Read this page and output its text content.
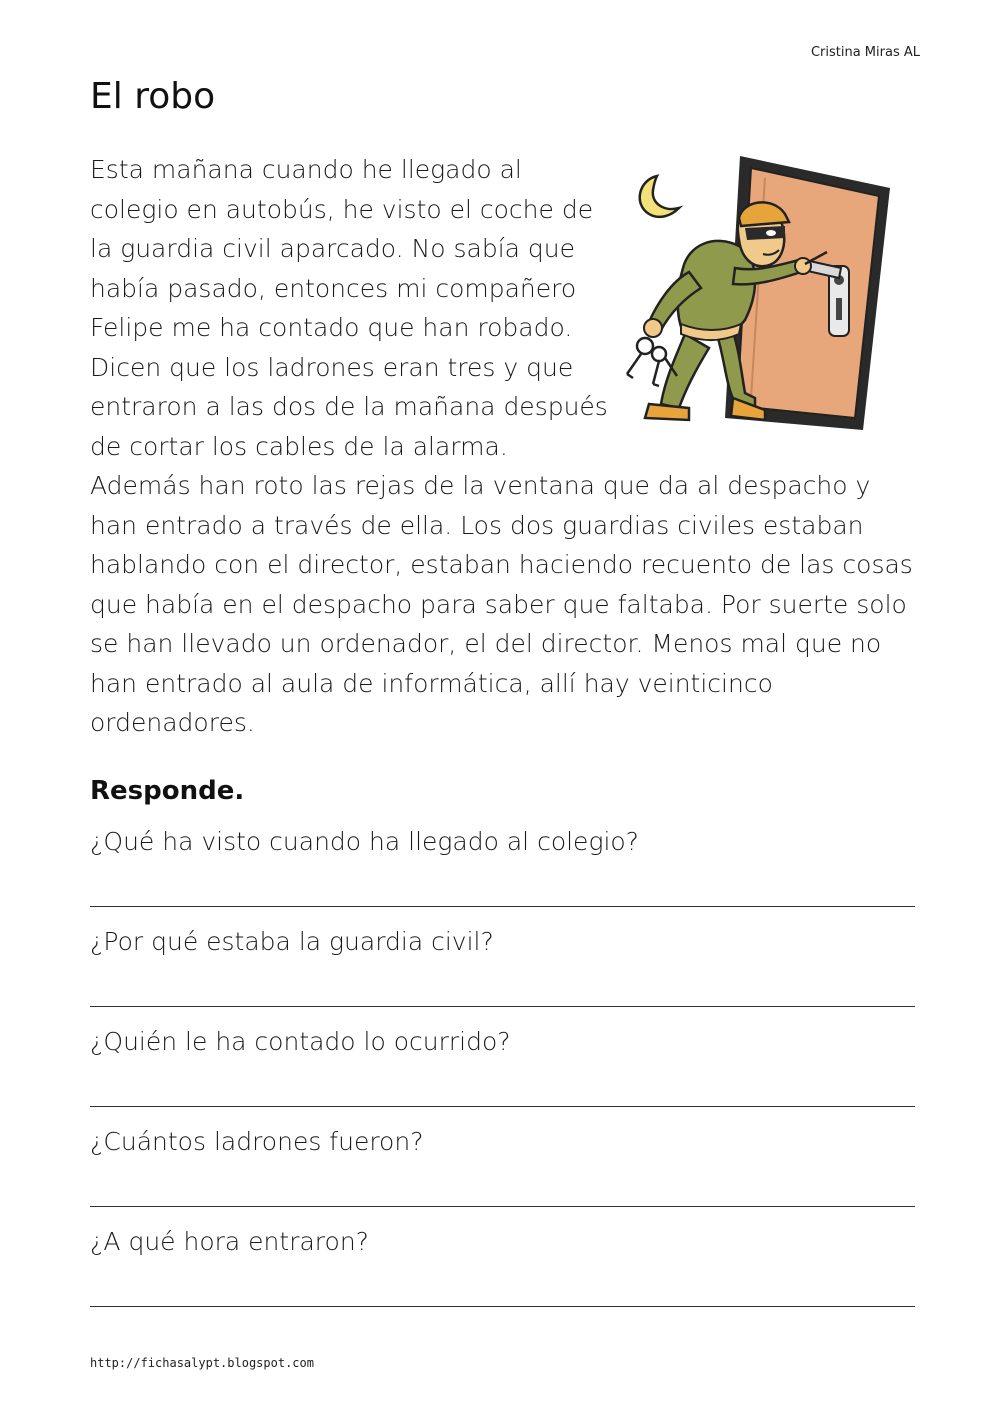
Cristina Miras AL
El robo
Esta mañana cuando he llegado al
colegio en autobús, he visto el coche de
la guardia civil aparcado. No sabía que
había pasado, entonces mi compañero
Felipe me ha contado que han robado.
Dicen que los ladrones eran tres y que
entraron a las dos de la mañana después
de cortar los cables de la alarma.
Además han roto las rejas de la ventana que da al despacho y
han entrado a través de ella. Los dos guardias civiles estaban
hablando con el director, estaban haciendo recuento de las cosas
que había en el despacho para saber que faltaba. Por suerte solo
se han llevado un ordenador, el del director. Menos mal que no
han entrado al aula de informática, allí hay veinticinco
ordenadores.
Responde.
¿Qué ha visto cuando ha llegado al colegio?
¿Por qué estaba la guardia civil?
¿Quién le ha contado lo ocurrido?
¿Cuántos ladrones fueron?
¿A qué hora entraron?
http://fichasalypt.blogspot.com
